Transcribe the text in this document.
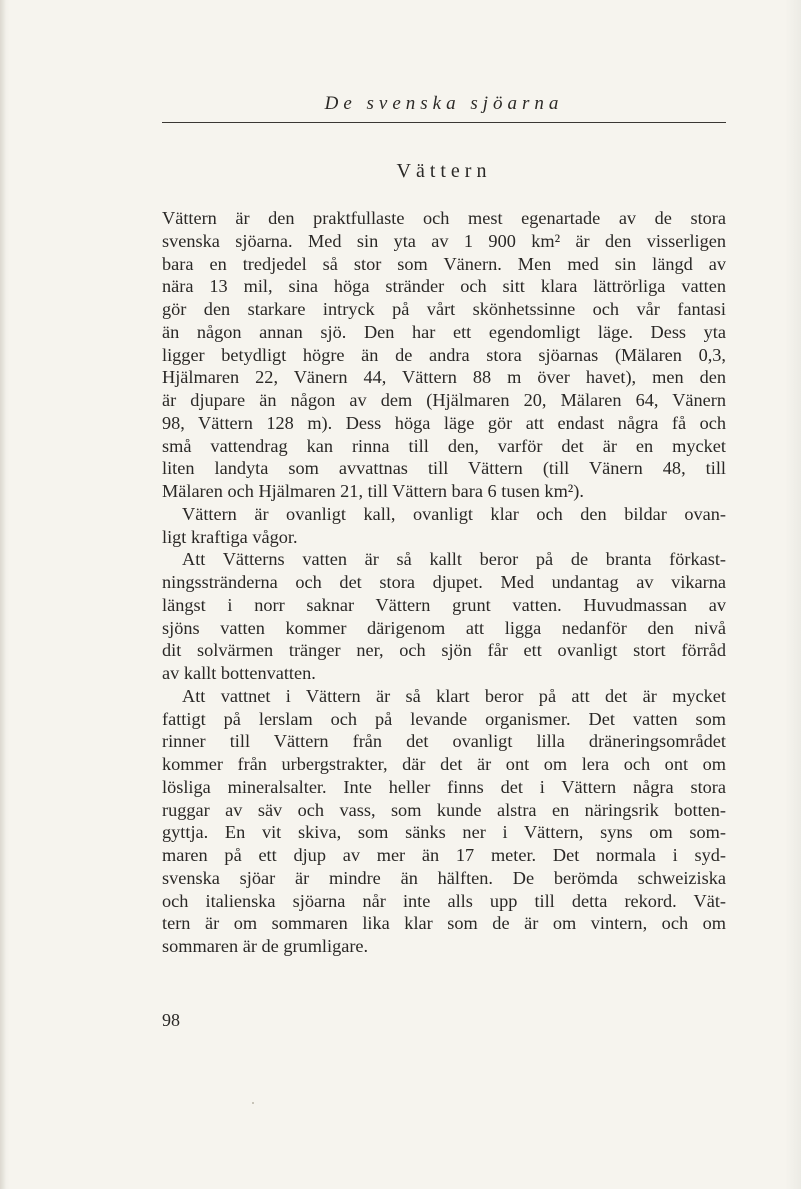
De svenska sjöarna
Vättern
Vättern är den praktfullaste och mest egenartade av de stora
svenska sjöarna. Med sin yta av 1 900 km² är den visserligen
bara en tredjedel så stor som Vänern. Men med sin längd av
nära 13 mil, sina höga stränder och sitt klara lättrörliga vatten
gör den starkare intryck på vårt skönhetssinne och vår fantasi
än någon annan sjö. Den har ett egendomligt läge. Dess yta
ligger betydligt högre än de andra stora sjöarnas (Mälaren 0,3,
Hjälmaren 22, Vänern 44, Vättern 88 m över havet), men den
är djupare än någon av dem (Hjälmaren 20, Mälaren 64, Vänern
98, Vättern 128 m). Dess höga läge gör att endast några få och
små vattendrag kan rinna till den, varför det är en mycket
liten landyta som avvattnas till Vättern (till Vänern 48, till
Mälaren och Hjälmaren 21, till Vättern bara 6 tusen km²).
Vättern är ovanligt kall, ovanligt klar och den bildar ovan-
ligt kraftiga vågor.
Att Vätterns vatten är så kallt beror på de branta förkast-
ningsstränderna och det stora djupet. Med undantag av vikarna
längst i norr saknar Vättern grunt vatten. Huvudmassan av
sjöns vatten kommer därigenom att ligga nedanför den nivå
dit solvärmen tränger ner, och sjön får ett ovanligt stort förråd
av kallt bottenvatten.
Att vattnet i Vättern är så klart beror på att det är mycket
fattigt på lerslam och på levande organismer. Det vatten som
rinner till Vättern från det ovanligt lilla dräneringsområdet
kommer från urbergstrakter, där det är ont om lera och ont om
lösliga mineralsalter. Inte heller finns det i Vättern några stora
ruggar av säv och vass, som kunde alstra en näringsrik botten-
gyttja. En vit skiva, som sänks ner i Vättern, syns om som-
maren på ett djup av mer än 17 meter. Det normala i syd-
svenska sjöar är mindre än hälften. De berömda schweiziska
och italienska sjöarna når inte alls upp till detta rekord. Vät-
tern är om sommaren lika klar som de är om vintern, och om
sommaren är de grumligare.
98
